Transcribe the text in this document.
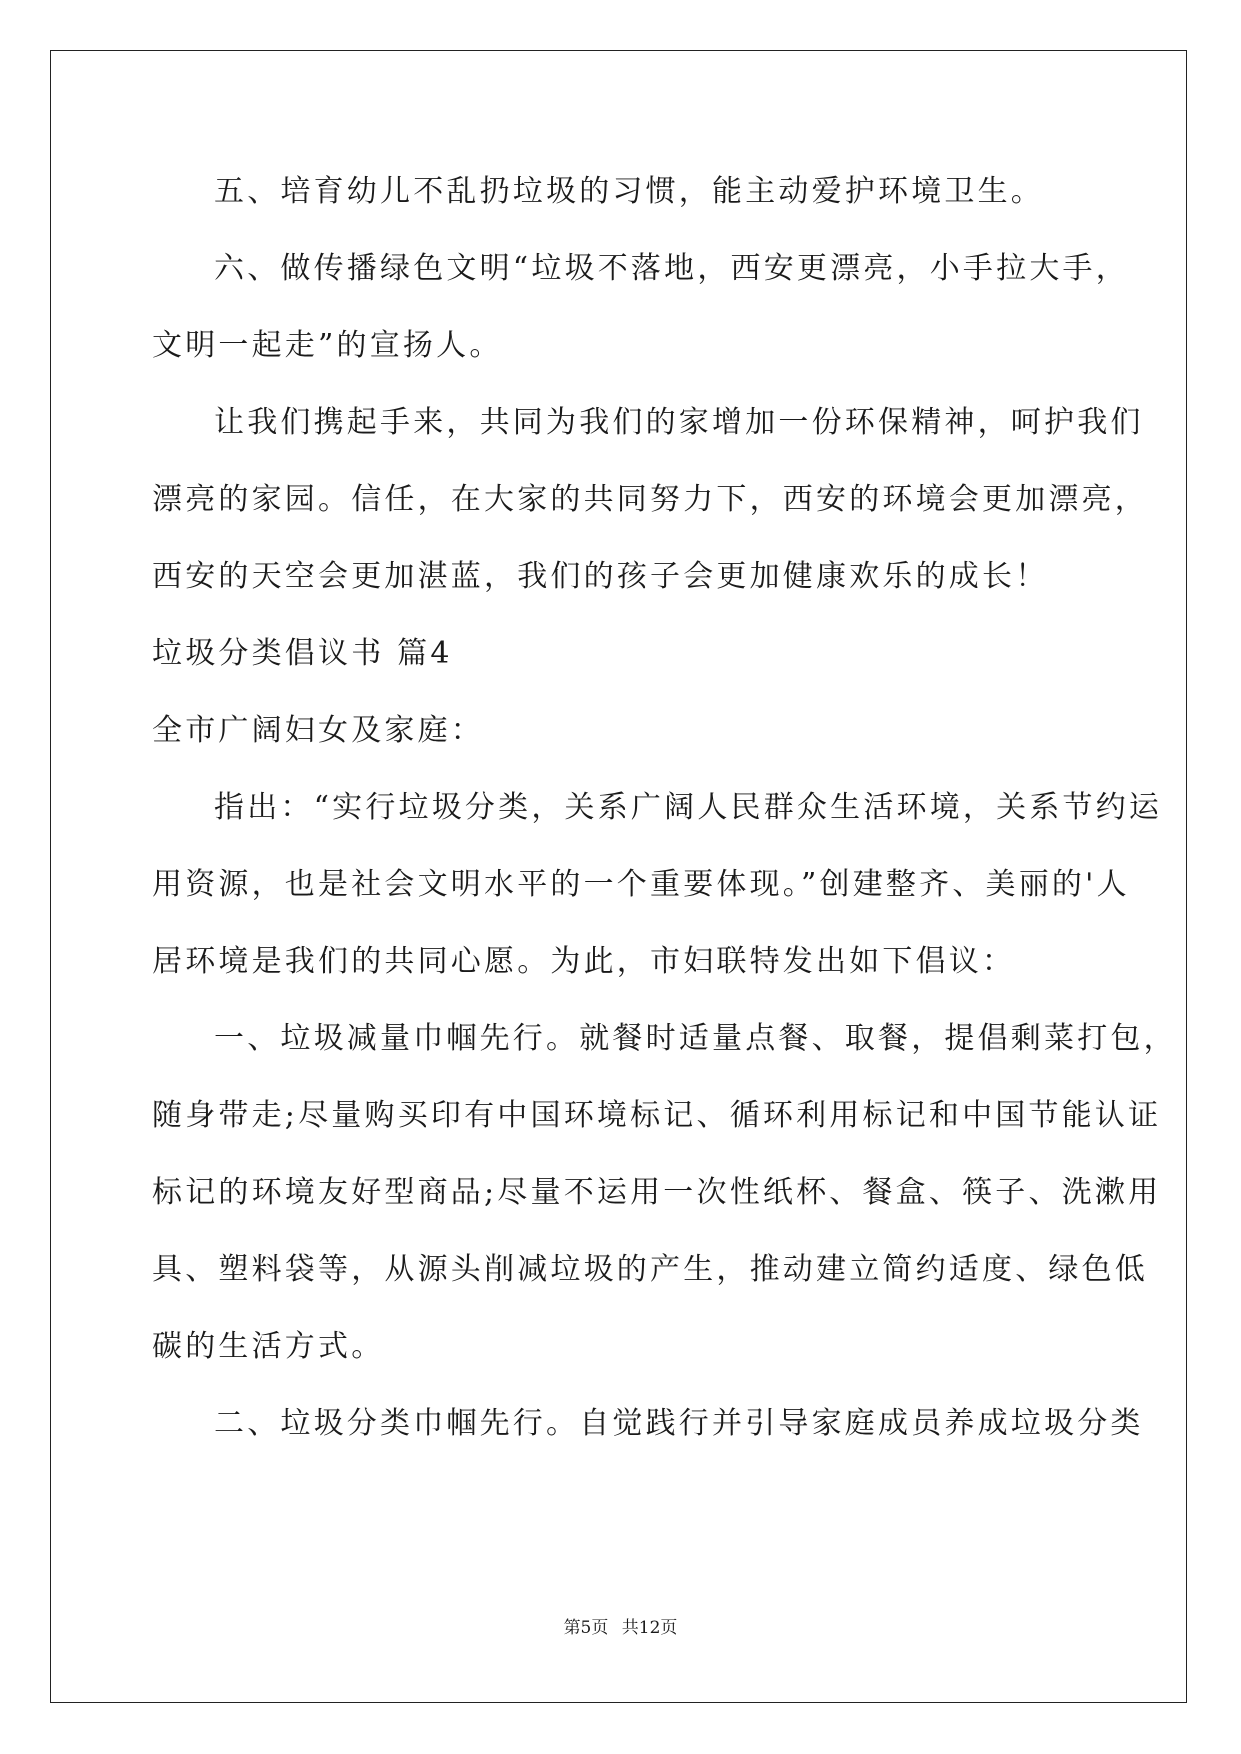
五、培育幼儿不乱扔垃圾的习惯，能主动爱护环境卫生。
六、做传播绿色文明“垃圾不落地，西安更漂亮，小手拉大手，
文明一起走”的宣扬人。
让我们携起手来，共同为我们的家增加一份环保精神，呵护我们
漂亮的家园。信任，在大家的共同努力下，西安的环境会更加漂亮，
西安的天空会更加湛蓝，我们的孩子会更加健康欢乐的成长！
垃圾分类倡议书 篇4
全市广阔妇女及家庭：
指出：“实行垃圾分类，关系广阔人民群众生活环境，关系节约运
用资源，也是社会文明水平的一个重要体现。”创建整齐、美丽的'人
居环境是我们的共同心愿。为此，市妇联特发出如下倡议：
一、垃圾减量巾帼先行。就餐时适量点餐、取餐，提倡剩菜打包，
随身带走;尽量购买印有中国环境标记、循环利用标记和中国节能认证
标记的环境友好型商品;尽量不运用一次性纸杯、餐盒、筷子、洗漱用
具、塑料袋等，从源头削减垃圾的产生，推动建立简约适度、绿色低
碳的生活方式。
二、垃圾分类巾帼先行。自觉践行并引导家庭成员养成垃圾分类
第5页 共12页
